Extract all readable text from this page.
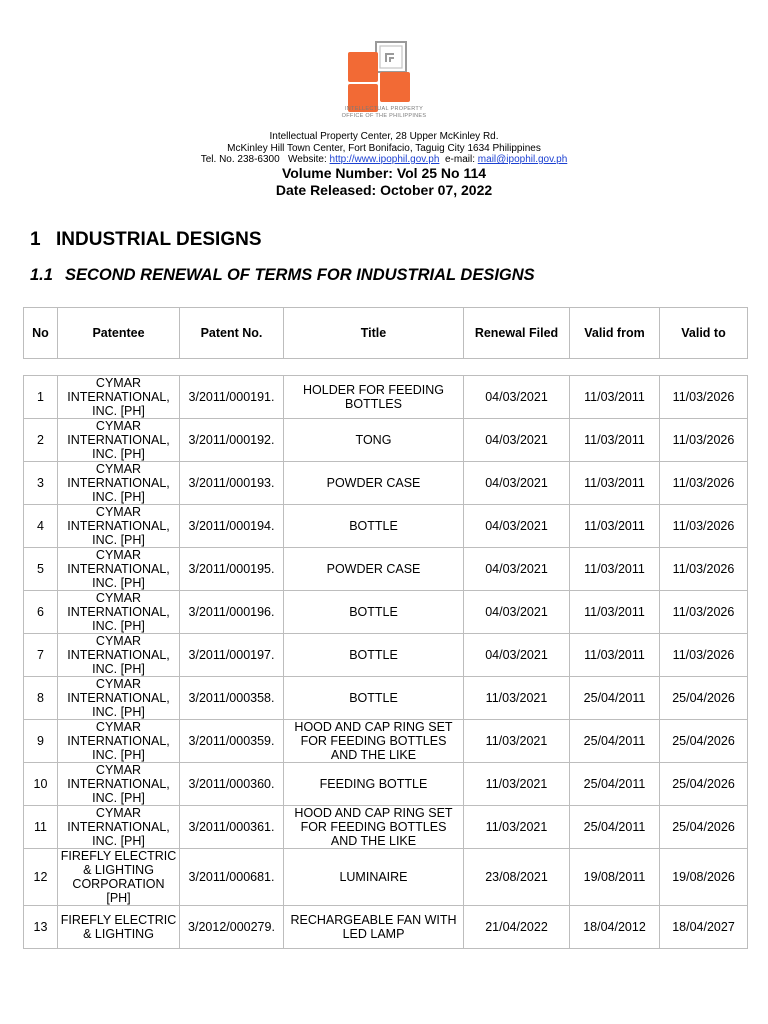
INTELLECTUAL PROPERTY
OFFICE OF THE PHILIPPINES
Intellectual Property Center, 28 Upper McKinley Rd.
McKinley Hill Town Center, Fort Bonifacio, Taguig City 1634 Philippines
Tel. No. 238-6300 Website: http://www.ipophil.gov.ph e-mail: mail@ipophil.gov.ph
Volume Number: Vol 25 No 114
Date Released: October 07, 2022
1 INDUSTRIAL DESIGNS
1.1 SECOND RENEWAL OF TERMS FOR INDUSTRIAL DESIGNS
No	Patentee	Patent No.	Title	Renewal Filed	Valid from	Valid to
1	CYMAR INTERNATIONAL, INC. [PH]	3/2011/000191.	HOLDER FOR FEEDING BOTTLES	04/03/2021	11/03/2011	11/03/2026
2	CYMAR INTERNATIONAL, INC. [PH]	3/2011/000192.	TONG	04/03/2021	11/03/2011	11/03/2026
3	CYMAR INTERNATIONAL, INC. [PH]	3/2011/000193.	POWDER CASE	04/03/2021	11/03/2011	11/03/2026
4	CYMAR INTERNATIONAL, INC. [PH]	3/2011/000194.	BOTTLE	04/03/2021	11/03/2011	11/03/2026
5	CYMAR INTERNATIONAL, INC. [PH]	3/2011/000195.	POWDER CASE	04/03/2021	11/03/2011	11/03/2026
6	CYMAR INTERNATIONAL, INC. [PH]	3/2011/000196.	BOTTLE	04/03/2021	11/03/2011	11/03/2026
7	CYMAR INTERNATIONAL, INC. [PH]	3/2011/000197.	BOTTLE	04/03/2021	11/03/2011	11/03/2026
8	CYMAR INTERNATIONAL, INC. [PH]	3/2011/000358.	BOTTLE	11/03/2021	25/04/2011	25/04/2026
9	CYMAR INTERNATIONAL, INC. [PH]	3/2011/000359.	HOOD AND CAP RING SET FOR FEEDING BOTTLES AND THE LIKE	11/03/2021	25/04/2011	25/04/2026
10	CYMAR INTERNATIONAL, INC. [PH]	3/2011/000360.	FEEDING BOTTLE	11/03/2021	25/04/2011	25/04/2026
11	CYMAR INTERNATIONAL, INC. [PH]	3/2011/000361.	HOOD AND CAP RING SET FOR FEEDING BOTTLES AND THE LIKE	11/03/2021	25/04/2011	25/04/2026
12	FIREFLY ELECTRIC & LIGHTING CORPORATION [PH]	3/2011/000681.	LUMINAIRE	23/08/2021	19/08/2011	19/08/2026
13	FIREFLY ELECTRIC & LIGHTING	3/2012/000279.	RECHARGEABLE FAN WITH LED LAMP	21/04/2022	18/04/2012	18/04/2027
